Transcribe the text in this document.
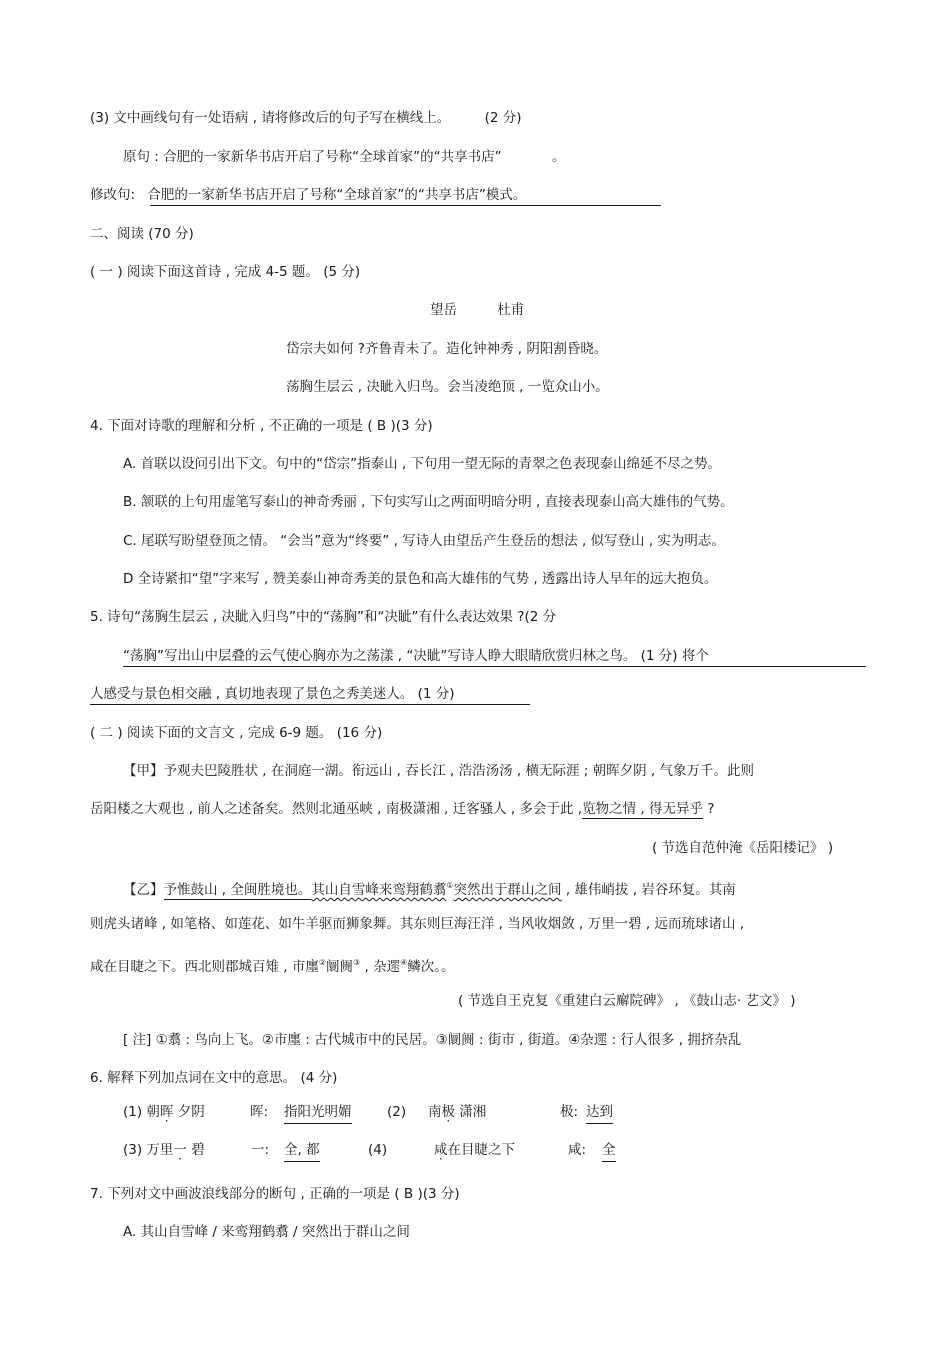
(3) 文中画线句有一处语病 , 请将修改后的句子写在横线上。	(2 分)
原句 : 合肥的一家新华书店开启了号称“全球首家”的“共享书店”	。
修改句: 合肥的一家新华书店开启了号称“全球首家”的“共享书店”模式。
二、阅读 (70 分)
( 一 ) 阅读下面这首诗 , 完成 4-5 题。 (5 分)
望岳	杜甫
岱宗夫如何 ?齐鲁青未了。造化钟神秀 , 阴阳割昏晓。
荡胸生层云 , 决眦入归鸟。会当凌绝顶 , 一览众山小。
4. 下面对诗歌的理解和分析 , 不正确的一项是 ( B )(3 分)
A. 首联以设问引出下文。句中的“岱宗”指泰山 , 下句用一望无际的青翠之色表现泰山绵延不尽之势。
B. 颔联的上句用虚笔写泰山的神奇秀丽 , 下句实写山之两面明暗分明 , 直接表现泰山高大雄伟的气势。
C. 尾联写盼望登顶之情。 “会当”意为“终要” , 写诗人由望岳产生登岳的想法 , 似写登山 , 实为明志。
D 全诗紧扣“望”字来写 , 赞美泰山神奇秀美的景色和高大雄伟的气势 , 透露出诗人早年的远大抱负。
5. 诗句“荡胸生层云 , 决眦入归鸟”中的“荡胸”和“决眦”有什么表达效果 ?(2 分
“荡胸”写出山中层叠的云气使心胸亦为之荡漾 , “决眦”写诗人睁大眼睛欣赏归林之鸟。 (1 分) 将个
人感受与景色相交融 , 真切地表现了景色之秀美迷人。 (1 分)
( 二 ) 阅读下面的文言文 , 完成 6-9 题。 (16 分)
【甲】予观夫巴陵胜状 , 在洞庭一湖。衔远山 , 吞长江 , 浩浩汤汤 , 横无际涯 ; 朝晖夕阴 , 气象万千。此则
岳阳楼之大观也 , 前人之述备矣。然则北通巫峡 , 南极潇湘 , 迁客骚人 , 多会于此 ,览物之情 , 得无异乎 ?
( 节选自范仲淹《岳阳楼记》 )
【乙】予惟鼓山 , 全闽胜境也。其山自雪峰来鸾翔鹤翥①突然出于群山之间 , 雄伟峭拔 , 岩谷环复。其南
则虎头诸峰 , 如笔格、如莲花、如牛羊驱而狮象舞。其东则巨海汪洋 , 当风收烟敛 , 万里一碧 , 远而琉球诸山 ,
咸在目睫之下。西北则郡城百雉 , 市廛②阛阓③ , 杂遝④鳞次。。
( 节选自王克复《重建白云廨院碑》 , 《鼓山志· 艺文》 )
[ 注] ①翥 : 鸟向上飞。②市廛 : 古代城市中的民居。③阛阓 : 街市 , 街道。④杂遝 : 行人很多 , 拥挤杂乱
6. 解释下列加点词在文中的意思。 (4 分)
(1) 朝晖 夕阴	晖: 指阳光明媚	(2) 南极 潇湘	极: 达到
(3) 万里一 碧	一: 全, 都	(4)	咸在目睫之下	咸: 全
7. 下列对文中画波浪线部分的断句 , 正确的一项是 ( B )(3 分)
A. 其山自雪峰 / 来鸾翔鹤翥 / 突然出于群山之间
